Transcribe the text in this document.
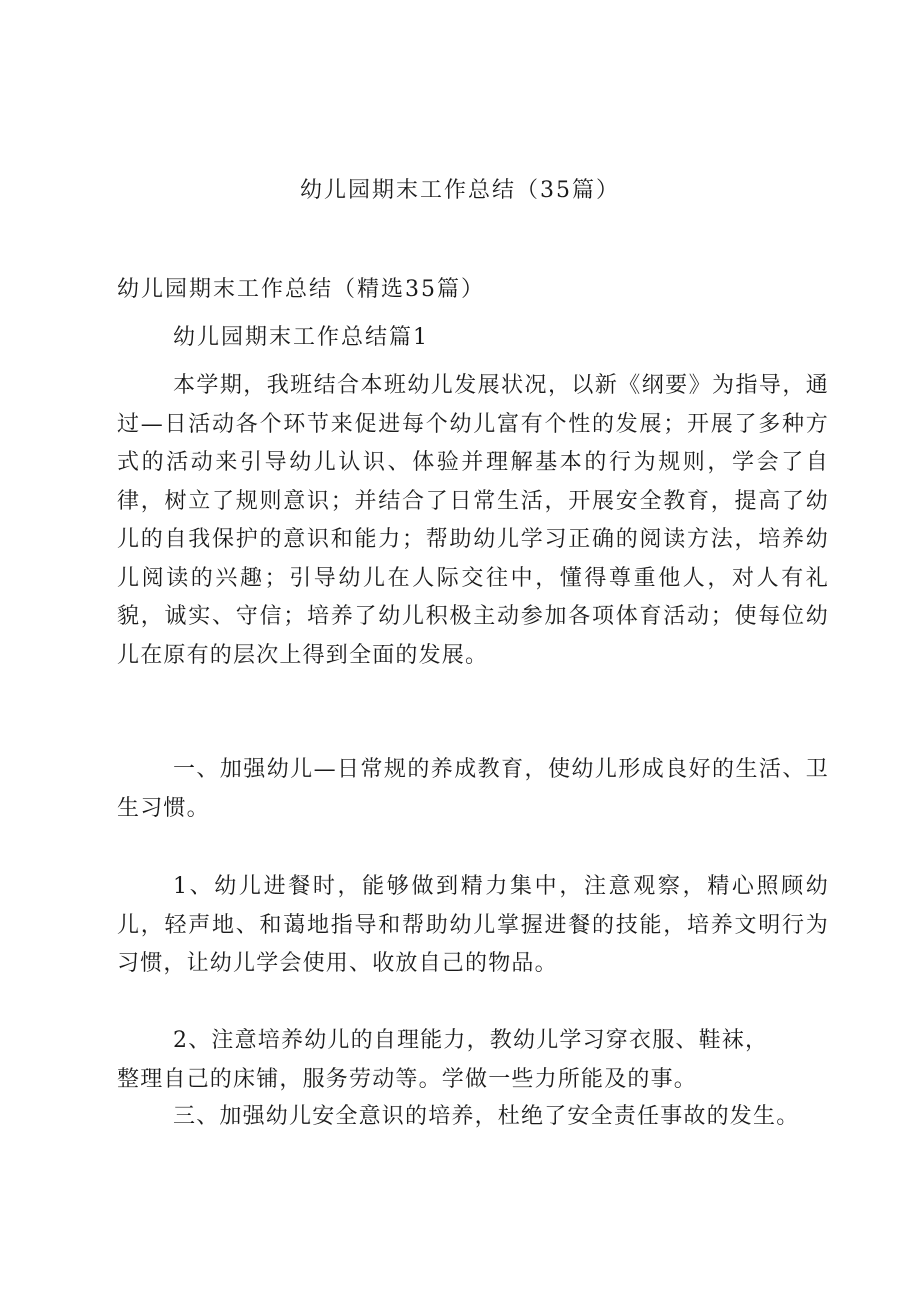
幼儿园期末工作总结（35篇）

幼儿园期末工作总结（精选35篇）

幼儿园期末工作总结篇1

本学期，我班结合本班幼儿发展状况，以新《纲要》为指导，通过—日活动各个环节来促进每个幼儿富有个性的发展；开展了多种方式的活动来引导幼儿认识、体验并理解基本的行为规则，学会了自律，树立了规则意识；并结合了日常生活，开展安全教育，提高了幼儿的自我保护的意识和能力；帮助幼儿学习正确的阅读方法，培养幼儿阅读的兴趣；引导幼儿在人际交往中，懂得尊重他人，对人有礼貌，诚实、守信；培养了幼儿积极主动参加各项体育活动；使每位幼儿在原有的层次上得到全面的发展。

一、加强幼儿—日常规的养成教育，使幼儿形成良好的生活、卫生习惯。

1、幼儿进餐时，能够做到精力集中，注意观察，精心照顾幼儿，轻声地、和蔼地指导和帮助幼儿掌握进餐的技能，培养文明行为习惯，让幼儿学会使用、收放自己的物品。

2、注意培养幼儿的自理能力，教幼儿学习穿衣服、鞋袜，
整理自己的床铺，服务劳动等。学做一些力所能及的事。

三、加强幼儿安全意识的培养，杜绝了安全责任事故的发生。
